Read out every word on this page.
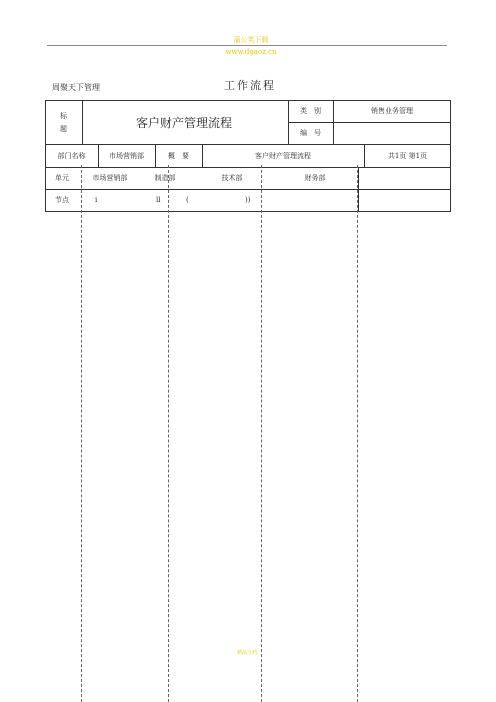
蒲公英下载 www.dgaoz.cn
周聚天下管理	工作流程
标
题	客户财产管理流程
类　别	销售业务管理
编　号
部门名称	市场营销部	概　要	客户财产管理流程	共1页 第1页
单元	市场营销部	制造部	技术部	财务部
节点	i	ll	(	))
精品文档
